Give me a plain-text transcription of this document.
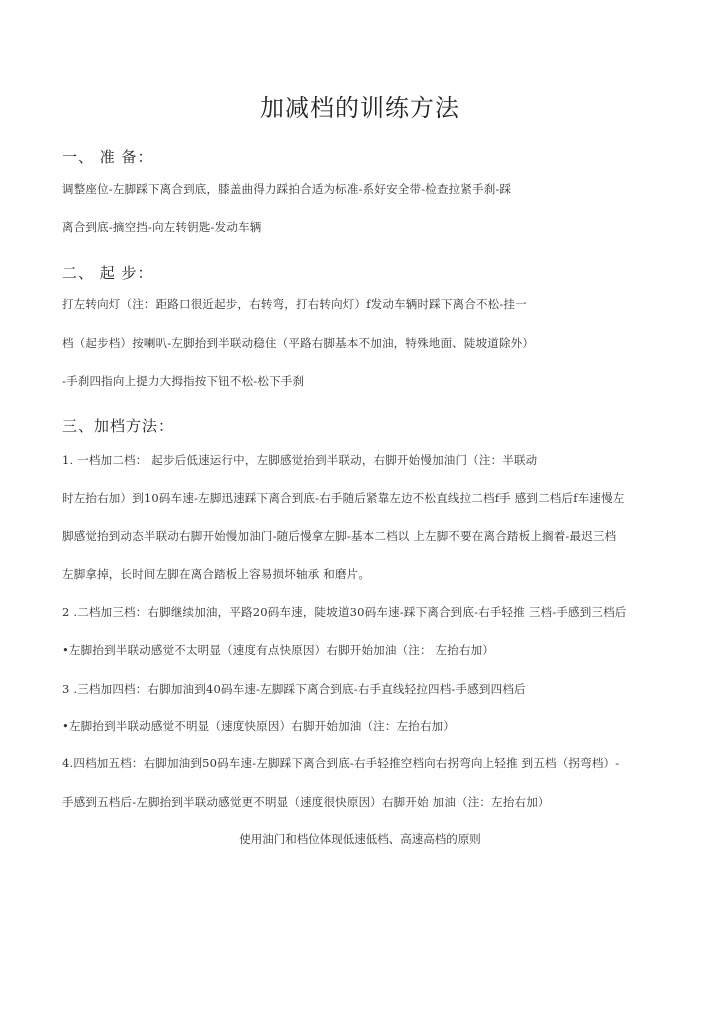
加减档的训练方法
一、 准 备：
调整座位-左脚踩下离合到底，膝盖曲得力踩拍合适为标准-系好安全带-检查拉紧手刹-踩
离合到底-摘空挡-向左转钥匙-发动车辆
二、 起 步：
打左转向灯（注：距路口很近起步，右转弯，打右转向灯）f发动车辆时踩下离合不松-挂一
档（起步档）按喇叭-左脚抬到半联动稳住（平路右脚基本不加油，特殊地面、陡坡道除外）
-手刹四指向上提力大拇指按下钮不松-松下手刹
三、加档方法：
1. 一档加二档： 起步后低速运行中，左脚感觉抬到半联动，右脚开始慢加油门（注：半联动
时左抬右加）到10码车速-左脚迅速踩下离合到底-右手随后紧靠左边不松直线拉二档f手 感到二档后f车速慢左
脚感觉抬到动态半联动右脚开始慢加油门-随后慢拿左脚-基本二档以 上左脚不要在离合踏板上搁着-最迟三档
左脚拿掉，长时间左脚在离合踏板上容易损坏轴承 和磨片。
2 .二档加三档：右脚继续加油，平路20码车速，陡坡道30码车速-踩下离合到底-右手轻推 三档-手感到三档后
•左脚抬到半联动感觉不太明显（速度有点快原因）右脚开始加油（注： 左抬右加）
3 .三档加四档：右脚加油到40码车速-左脚踩下离合到底-右手直线轻拉四档-手感到四档后
•左脚抬到半联动感觉不明显（速度快原因）右脚开始加油（注：左抬右加）
4.四档加五档：右脚加油到50码车速-左脚踩下离合到底-右手轻推空档向右拐弯向上轻推 到五档（拐弯档）-
手感到五档后-左脚抬到半联动感觉更不明显（速度很快原因）右脚开始 加油（注：左抬右加）
使用油门和档位体现低速低档、高速高档的原则
